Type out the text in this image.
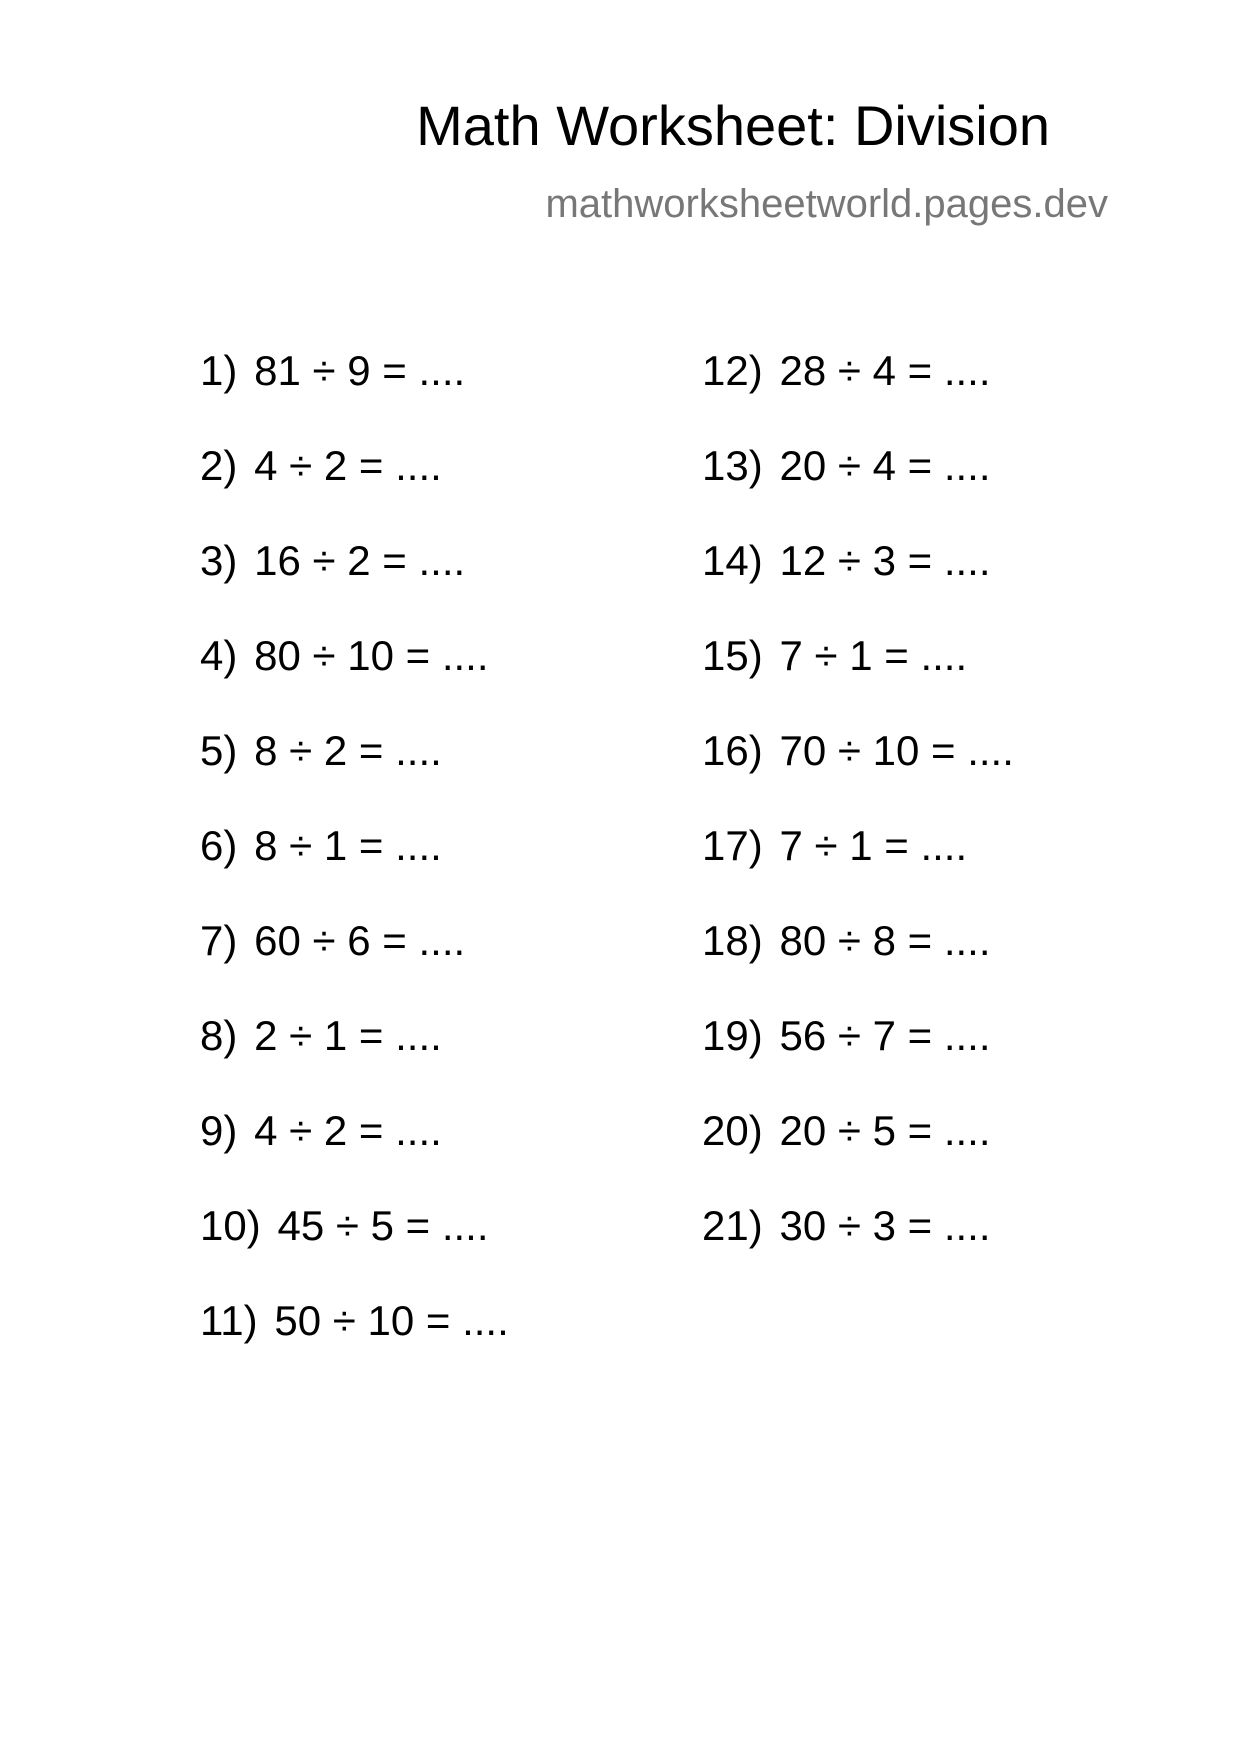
Math Worksheet: Division
mathworksheetworld.pages.dev
1) 81 ÷ 9 = ....
2) 4 ÷ 2 = ....
3) 16 ÷ 2 = ....
4) 80 ÷ 10 = ....
5) 8 ÷ 2 = ....
6) 8 ÷ 1 = ....
7) 60 ÷ 6 = ....
8) 2 ÷ 1 = ....
9) 4 ÷ 2 = ....
10) 45 ÷ 5 = ....
11) 50 ÷ 10 = ....
12) 28 ÷ 4 = ....
13) 20 ÷ 4 = ....
14) 12 ÷ 3 = ....
15) 7 ÷ 1 = ....
16) 70 ÷ 10 = ....
17) 7 ÷ 1 = ....
18) 80 ÷ 8 = ....
19) 56 ÷ 7 = ....
20) 20 ÷ 5 = ....
21) 30 ÷ 3 = ....
